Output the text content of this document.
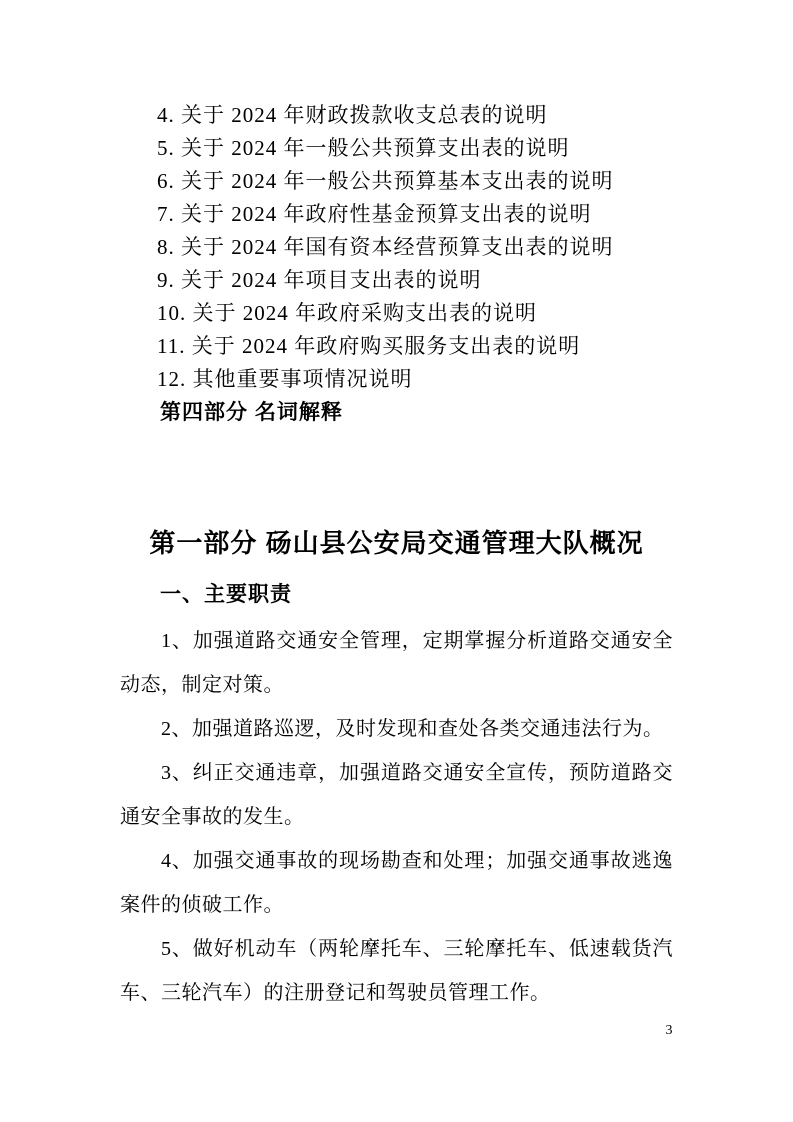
4. 关于 2024 年财政拨款收支总表的说明
5. 关于 2024 年一般公共预算支出表的说明
6. 关于 2024 年一般公共预算基本支出表的说明
7. 关于 2024 年政府性基金预算支出表的说明
8. 关于 2024 年国有资本经营预算支出表的说明
9. 关于 2024 年项目支出表的说明
10. 关于 2024 年政府采购支出表的说明
11. 关于 2024 年政府购买服务支出表的说明
12. 其他重要事项情况说明
第四部分 名词解释
第一部分 砀山县公安局交通管理大队概况
一、主要职责
1、加强道路交通安全管理，定期掌握分析道路交通安全动态，制定对策。
2、加强道路巡逻，及时发现和查处各类交通违法行为。
3、纠正交通违章，加强道路交通安全宣传，预防道路交通安全事故的发生。
4、加强交通事故的现场勘查和处理；加强交通事故逃逸案件的侦破工作。
5、做好机动车（两轮摩托车、三轮摩托车、低速载货汽车、三轮汽车）的注册登记和驾驶员管理工作。
3
